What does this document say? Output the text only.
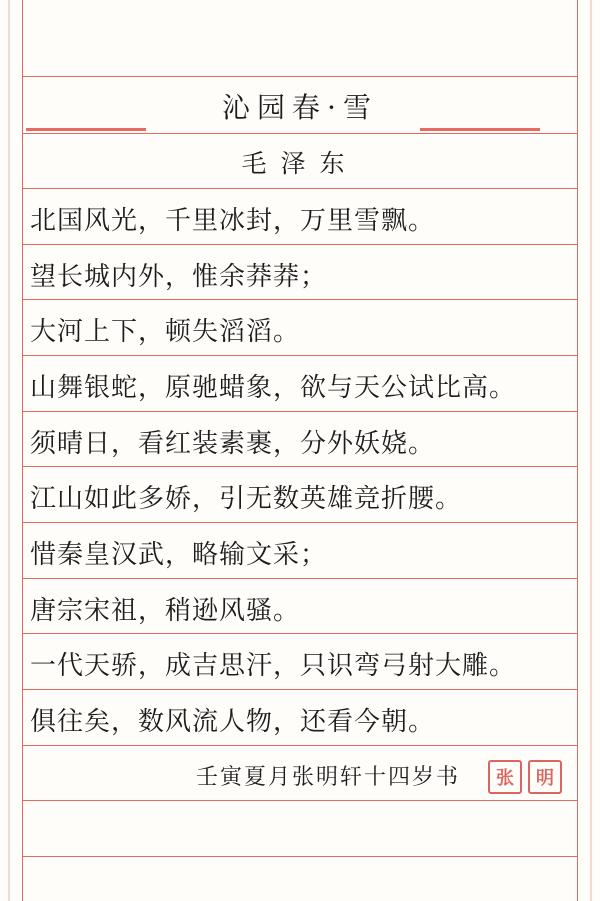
沁园春·雪
毛泽东
北国风光，千里冰封，万里雪飘。
望长城内外，惟余莽莽；
大河上下，顿失滔滔。
山舞银蛇，原驰蜡象，欲与天公试比高。
须晴日，看红装素裹，分外妖娆。
江山如此多娇，引无数英雄竞折腰。
惜秦皇汉武，略输文采；
唐宗宋祖，稍逊风骚。
一代天骄，成吉思汗，只识弯弓射大雕。
俱往矣，数风流人物，还看今朝。
壬寅夏月张明轩十四岁书	张	明
